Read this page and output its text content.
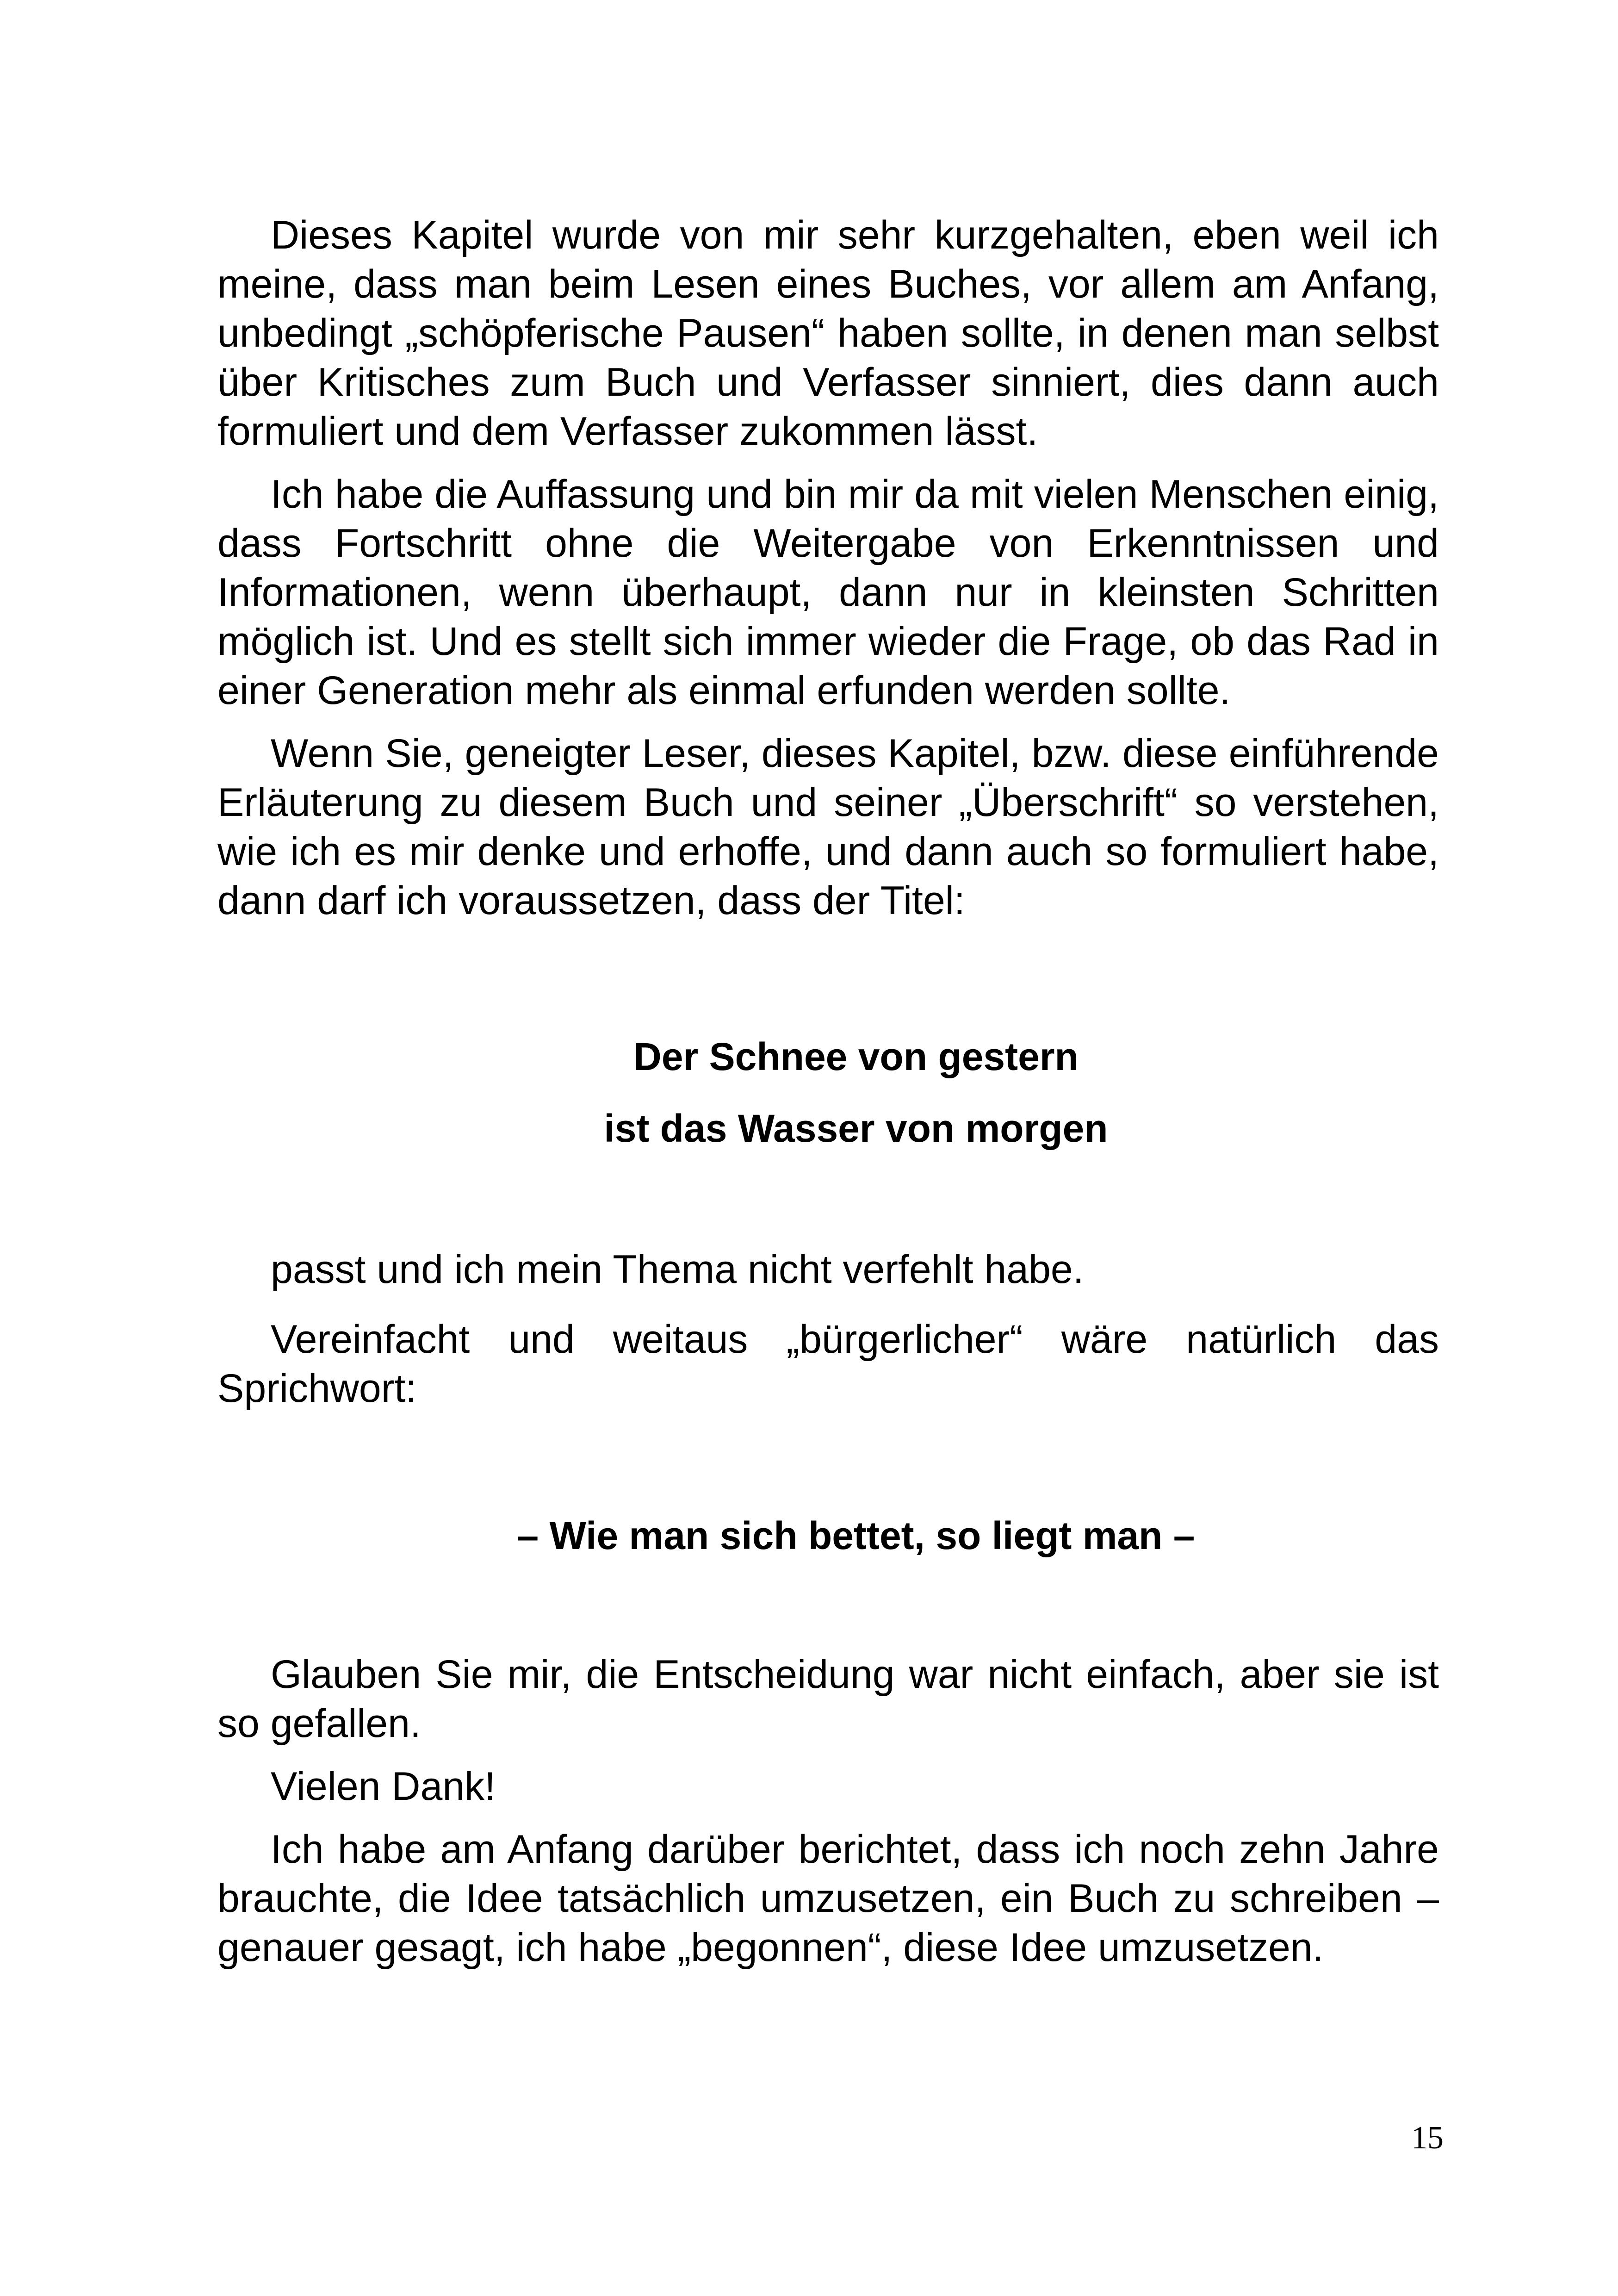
Dieses Kapitel wurde von mir sehr kurzgehalten, eben weil ich meine, dass man beim Lesen eines Buches, vor allem am Anfang, unbedingt „schöpferische Pausen“ haben sollte, in denen man selbst über Kritisches zum Buch und Verfasser sinniert, dies dann auch formuliert und dem Verfasser zukommen lässt.

Ich habe die Auffassung und bin mir da mit vielen Menschen einig, dass Fortschritt ohne die Weitergabe von Erkenntnissen und Informationen, wenn überhaupt, dann nur in kleinsten Schritten möglich ist. Und es stellt sich immer wieder die Frage, ob das Rad in einer Generation mehr als einmal erfunden werden sollte.

Wenn Sie, geneigter Leser, dieses Kapitel, bzw. diese einführende Erläuterung zu diesem Buch und seiner „Überschrift“ so verstehen, wie ich es mir denke und erhoffe, und dann auch so formuliert habe, dann darf ich voraussetzen, dass der Titel:

Der Schnee von gestern

ist das Wasser von morgen

passt und ich mein Thema nicht verfehlt habe.

Vereinfacht und weitaus „bürgerlicher“ wäre natürlich das Sprichwort:

– Wie man sich bettet, so liegt man –

Glauben Sie mir, die Entscheidung war nicht einfach, aber sie ist so gefallen.

Vielen Dank!

Ich habe am Anfang darüber berichtet, dass ich noch zehn Jahre brauchte, die Idee tatsächlich umzusetzen, ein Buch zu schreiben – genauer gesagt, ich habe „begonnen“, diese Idee umzusetzen.

15
